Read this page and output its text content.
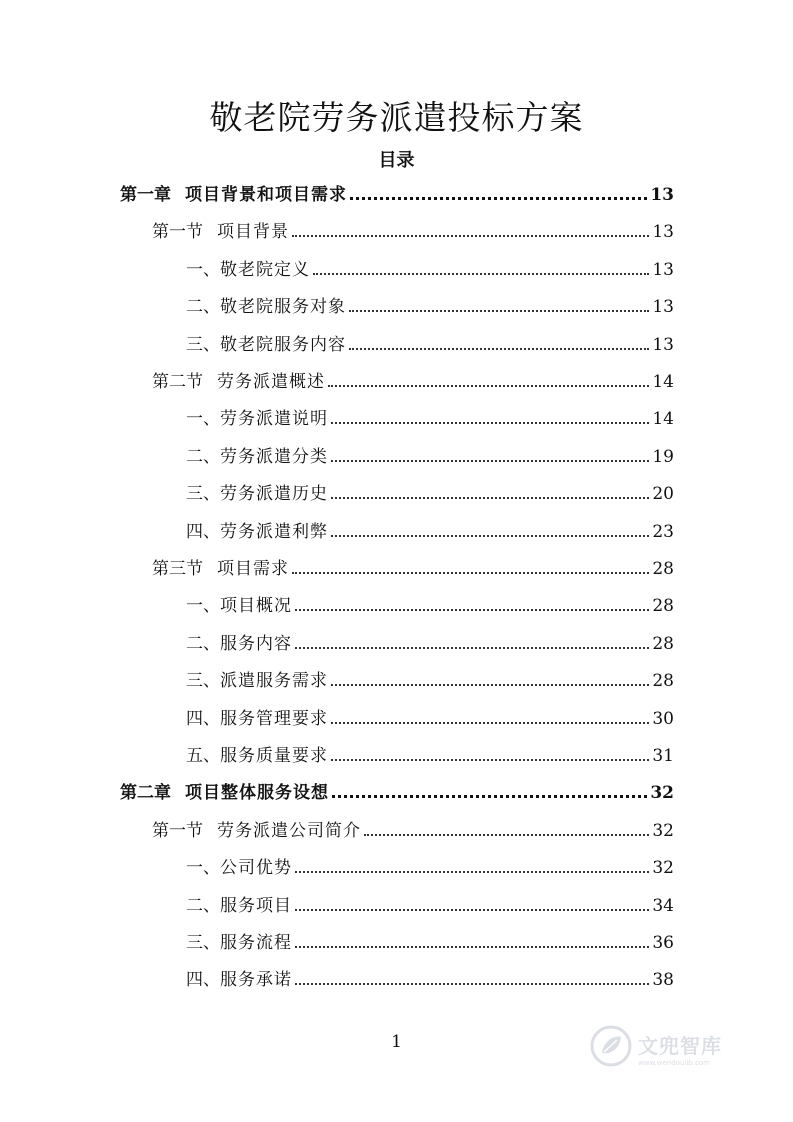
敬老院劳务派遣投标方案
目录
第一章 项目背景和项目需求	13
第一节 项目背景	13
一、 敬老院定义	13
二、 敬老院服务对象	13
三、 敬老院服务内容	13
第二节 劳务派遣概述	14
一、 劳务派遣说明	14
二、 劳务派遣分类	19
三、 劳务派遣历史	20
四、 劳务派遣利弊	23
第三节 项目需求	28
一、 项目概况	28
二、 服务内容	28
三、 派遣服务需求	28
四、 服务管理要求	30
五、 服务质量要求	31
第二章 项目整体服务设想	32
第一节 劳务派遣公司简介	32
一、 公司优势	32
二、 服务项目	34
三、 服务流程	36
四、 服务承诺	38
1	文兜智库
www.wendoulib.com
